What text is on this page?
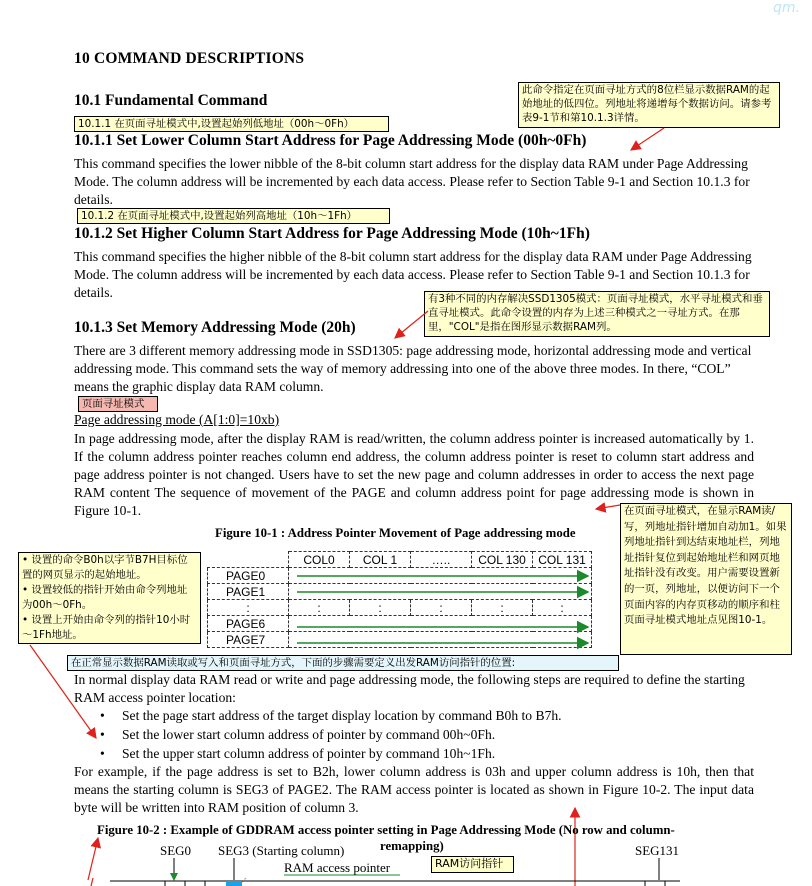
qm.
10 COMMAND DESCRIPTIONS
10.1 Fundamental Command
10.1.1 在页面寻址模式中,设置起始列低地址（00h～0Fh）
此命令指定在页面寻址方式的8位栏显示数据RAM的起始地址的低四位。列地址将递增每个数据访问。请参考表9-1节和第10.1.3详情。
10.1.1 Set Lower Column Start Address for Page Addressing Mode (00h~0Fh)
This command specifies the lower nibble of the 8-bit column start address for the display data RAM under Page Addressing Mode. The column address will be incremented by each data access. Please refer to Section Table 9-1 and Section 10.1.3 for details.
10.1.2 在页面寻址模式中,设置起始列高地址（10h～1Fh）
10.1.2 Set Higher Column Start Address for Page Addressing Mode (10h~1Fh)
This command specifies the higher nibble of the 8-bit column start address for the display data RAM under Page Addressing Mode. The column address will be incremented by each data access. Please refer to Section Table 9-1 and Section 10.1.3 for details.	有3种不同的内存解决SSD1305模式：页面寻址模式，水平寻址模式和垂直寻址模式。此命令设置的内存为上述三种模式之一寻址方式。在那里，"COL"是指在图形显示数据RAM列。
10.1.3 Set Memory Addressing Mode (20h)
There are 3 different memory addressing mode in SSD1305: page addressing mode, horizontal addressing mode and vertical addressing mode. This command sets the way of memory addressing into one of the above three modes. In there, “COL” means the graphic display data RAM column.
页面寻址模式
Page addressing mode (A[1:0]=10xb)
In page addressing mode, after the display RAM is read/written, the column address pointer is increased automatically by 1. If the column address pointer reaches column end address, the column address pointer is reset to column start address and page address pointer is not changed. Users have to set the new page and column addresses in order to access the next page RAM content The sequence of movement of the PAGE and column address point for page addressing mode is shown in Figure 10-1.	在页面寻址模式，在显示RAM读/写，列地址指针增加自动加1。如果列地址指针到达结束地址栏，列地址指针复位到起始地址栏和网页地址指针没有改变。用户需要设置新的一页，列地址，以便访问下一个页面内容的内存页移动的顺序和柱页面寻址模式地址点见图10-1。
Figure 10-1 : Address Pointer Movement of Page addressing mode
	COL0	COL 1	…..	COL 130	COL 131
PAGE0					
PAGE1					
:	:	:	:	:	:
PAGE6					
PAGE7					
• 设置的命令B0h以字节B7H目标位置的网页显示的起始地址。
• 设置较低的指针开始由命令列地址为00h～0Fh。
• 设置上开始由命令列的指针10小时～1Fh地址。
在正常显示数据RAM读取或写入和页面寻址方式，下面的步骤需要定义出发RAM访问指针的位置:
In normal display data RAM read or write and page addressing mode, the following steps are required to define the starting RAM access pointer location:
• Set the page start address of the target display location by command B0h to B7h.
• Set the lower start column address of pointer by command 00h~0Fh.
• Set the upper start column address of pointer by command 10h~1Fh.
For example, if the page address is set to B2h, lower column address is 03h and upper column address is 10h, then that means the starting column is SEG3 of PAGE2. The RAM access pointer is located as shown in Figure 10-2. The input data byte will be written into RAM position of column 3.
Figure 10-2 : Example of GDDRAM access pointer setting in Page Addressing Mode (No row and column-
remapping)
SEG0 SEG3 (Starting column)	SEG131
RAM access pointer	RAM访问指针
